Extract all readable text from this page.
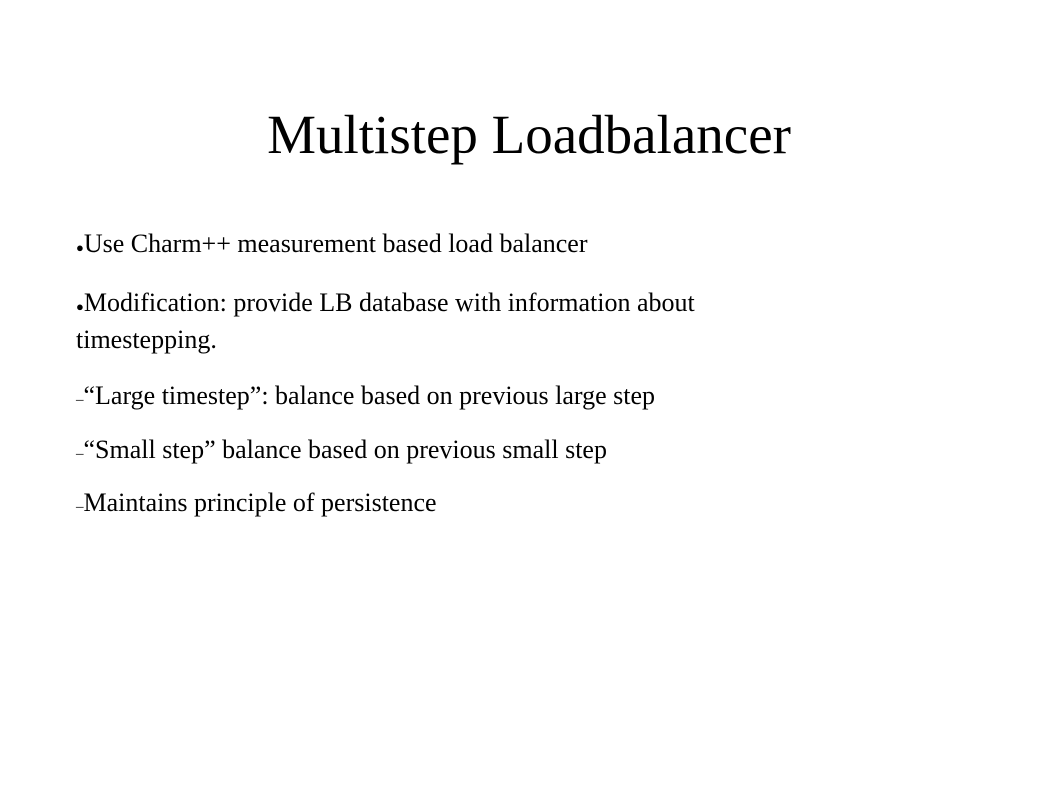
Multistep Loadbalancer
●Use Charm++ measurement based load balancer
●Modification: provide LB database with information about
timestepping.
–“Large timestep”: balance based on previous large step
–“Small step” balance based on previous small step
–Maintains principle of persistence
